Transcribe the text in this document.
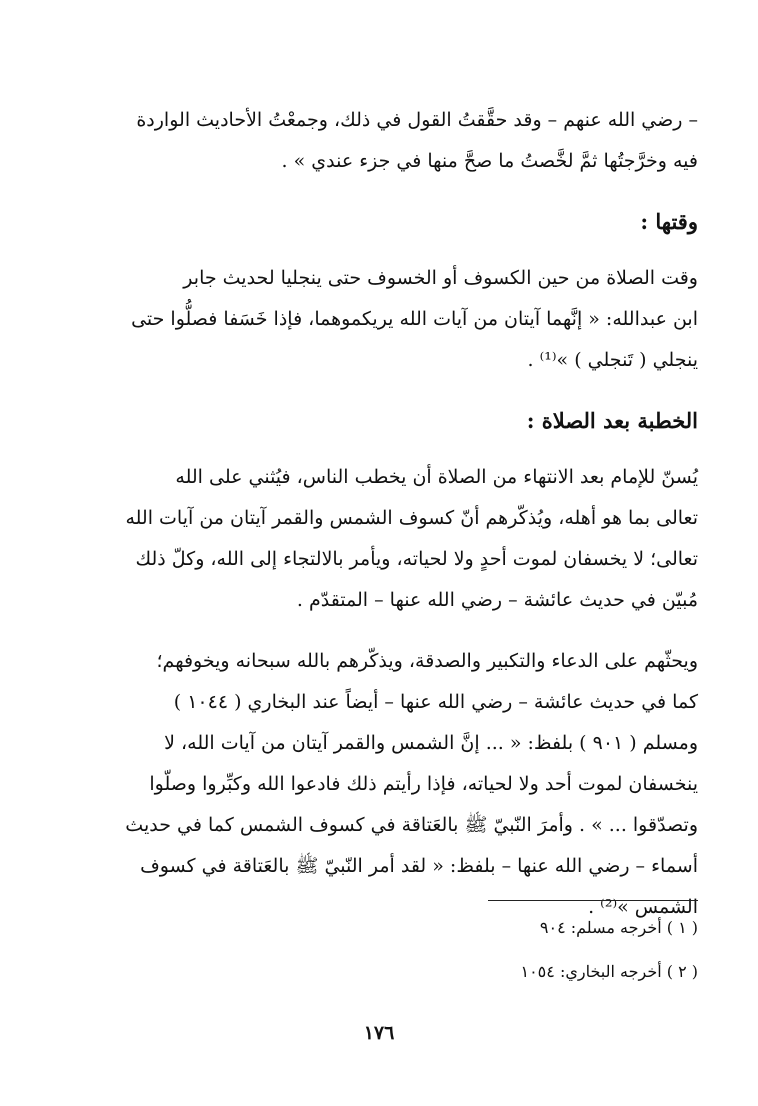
– رضي الله عنهم – وقد حقَّقتُ القول في ذلك، وجمعْتُ الأحاديث الواردة
فيه وخرَّجتُها ثمَّ لخَّصتُ ما صحَّ منها في جزء عندي » .

وقتها :

وقت الصلاة من حين الكسوف أو الخسوف حتى ينجليا لحديث جابر
ابن عبدالله: « إنَّهما آيتان من آيات الله يريكموهما، فإذا خَسَفا فصلُّوا حتى
ينجلي ( تَنجلي ) »⁽¹⁾ .

الخطبة بعد الصلاة :

يُسنّ للإمام بعد الانتهاء من الصلاة أن يخطب الناس، فيُثني على الله
تعالى بما هو أهله، ويُذكّرهم أنّ كسوف الشمس والقمر آيتان من آيات الله
تعالى؛ لا يخسفان لموت أحدٍ ولا لحياته، ويأمر بالالتجاء إلى الله، وكلّ ذلك
مُبيّن في حديث عائشة – رضي الله عنها – المتقدّم .

ويحثّهم على الدعاء والتكبير والصدقة، ويذكّرهم بالله سبحانه ويخوفهم؛
كما في حديث عائشة – رضي الله عنها – أيضاً عند البخاري ( ١٠٤٤ )
ومسلم ( ٩٠١ ) بلفظ: « ... إنَّ الشمس والقمر آيتان من آيات الله، لا
ينخسفان لموت أحد ولا لحياته، فإذا رأيتم ذلك فادعوا الله وكبِّروا وصلّوا
وتصدّقوا ... » . وأمرَ النّبيّ ﷺ بالعَتاقة في كسوف الشمس كما في حديث
أسماء – رضي الله عنها – بلفظ: « لقد أمر النّبيّ ﷺ بالعَتاقة في كسوف
الشمس »⁽²⁾ .

( ١ ) أخرجه مسلم: ٩٠٤
( ٢ ) أخرجه البخاري: ١٠٥٤
١٧٦
